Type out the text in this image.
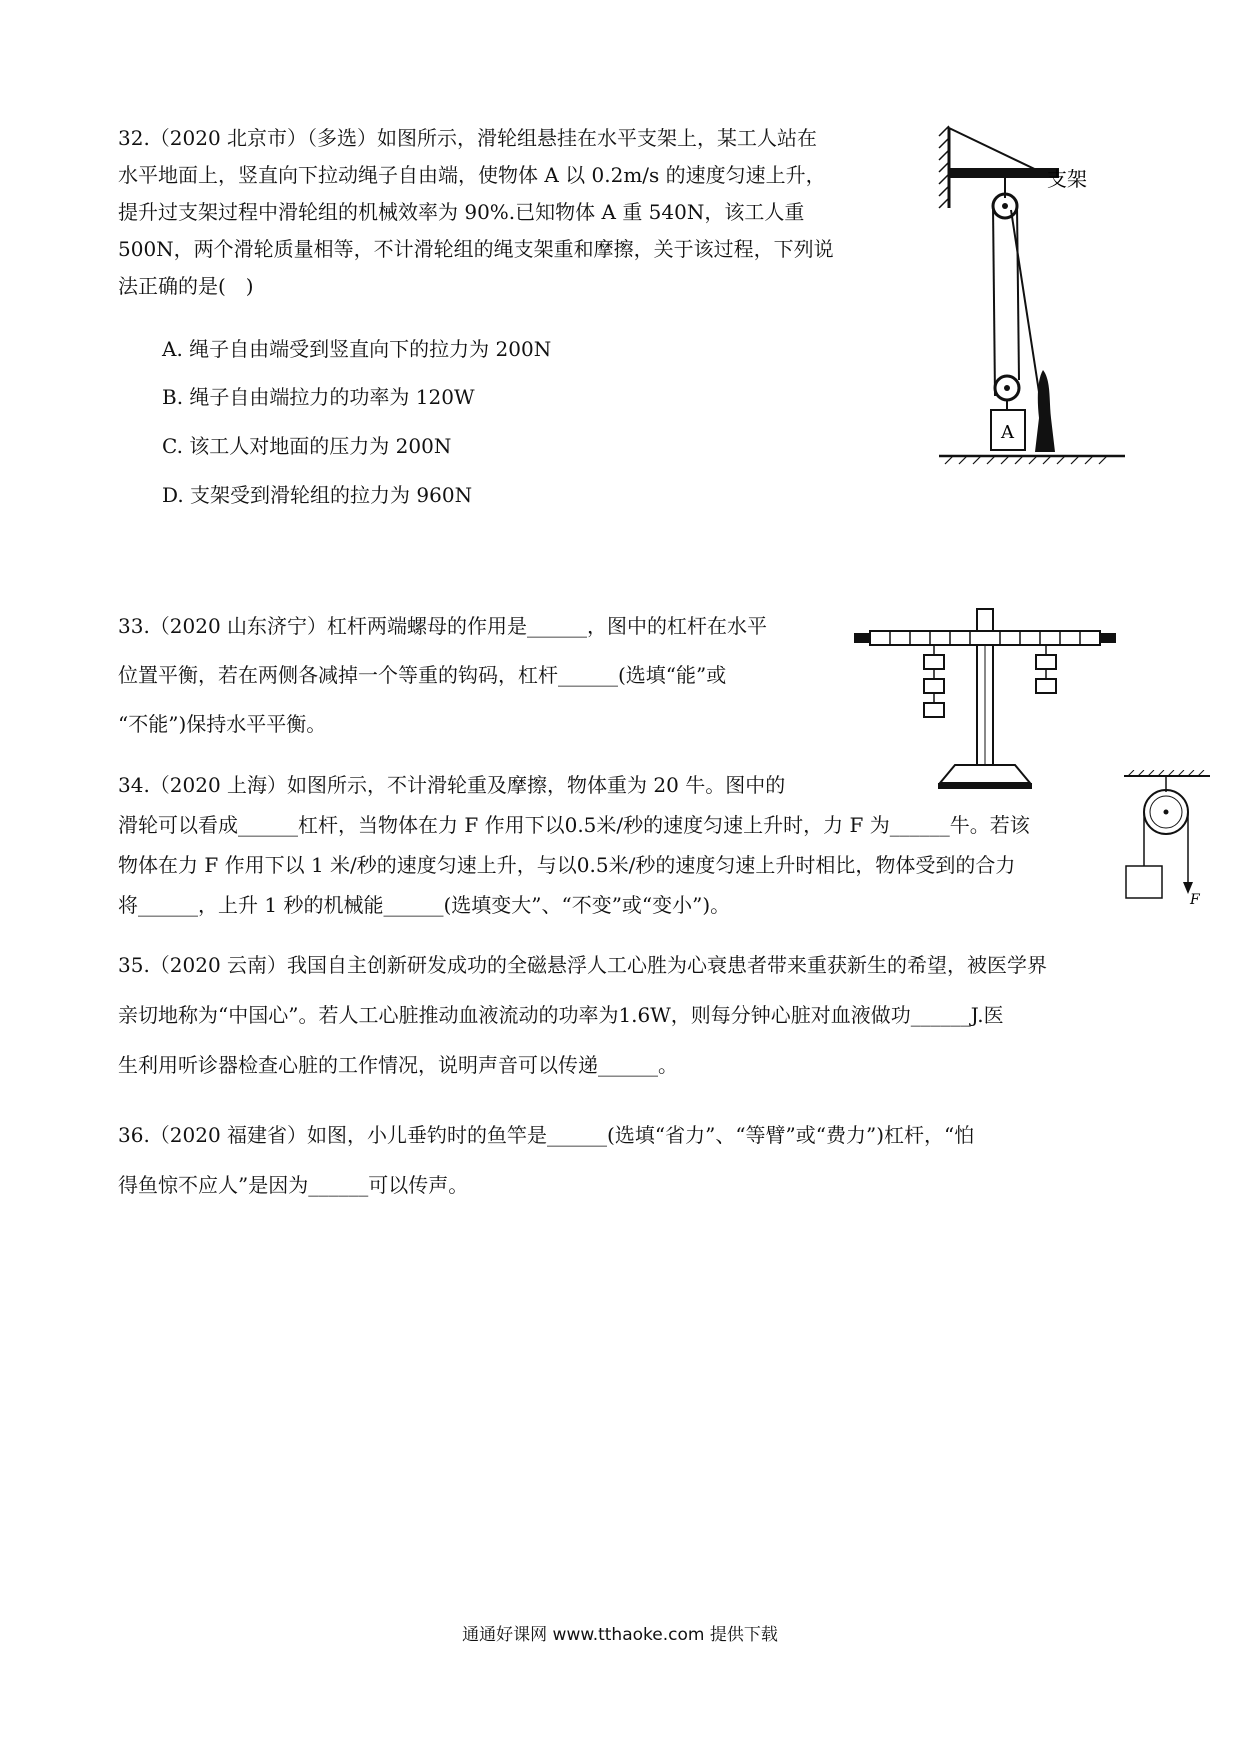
32.（2020 北京市）（多选）如图所示，滑轮组悬挂在水平支架上，某工人站在
水平地面上，竖直向下拉动绳子自由端，使物体 A 以 0.2m/s 的速度匀速上升，
提升过支架过程中滑轮组的机械效率为 90%.已知物体 A 重 540N，该工人重
500N，两个滑轮质量相等，不计滑轮组的绳支架重和摩擦，关于该过程，下列说
法正确的是(　)
A. 绳子自由端受到竖直向下的拉力为 200N
B. 绳子自由端拉力的功率为 120W
C. 该工人对地面的压力为 200N
D. 支架受到滑轮组的拉力为 960N
支架
A
33.（2020 山东济宁）杠杆两端螺母的作用是______，图中的杠杆在水平
位置平衡，若在两侧各减掉一个等重的钩码，杠杆______(选填“能”或
“不能”)保持水平平衡。
34.（2020 上海）如图所示，不计滑轮重及摩擦，物体重为 20 牛。图中的
滑轮可以看成______杠杆，当物体在力 F 作用下以0.5米/秒的速度匀速上升时，力 F 为______牛。若该
物体在力 F 作用下以 1 米/秒的速度匀速上升，与以0.5米/秒的速度匀速上升时相比，物体受到的合力
将______，上升 1 秒的机械能______(选填变大”、“不变”或“变小”)。	F
35.（2020 云南）我国自主创新研发成功的全磁悬浮人工心胜为心衰患者带来重获新生的希望，被医学界
亲切地称为“中国心”。若人工心脏推动血液流动的功率为1.6W，则每分钟心脏对血液做功______J.医
生利用听诊器检查心脏的工作情况，说明声音可以传递______。
36.（2020 福建省）如图，小儿垂钓时的鱼竿是______(选填“省力”、“等臂”或“费力”)杠杆，“怕
得鱼惊不应人”是因为______可以传声。
通通好课网 www.tthaoke.com 提供下载
